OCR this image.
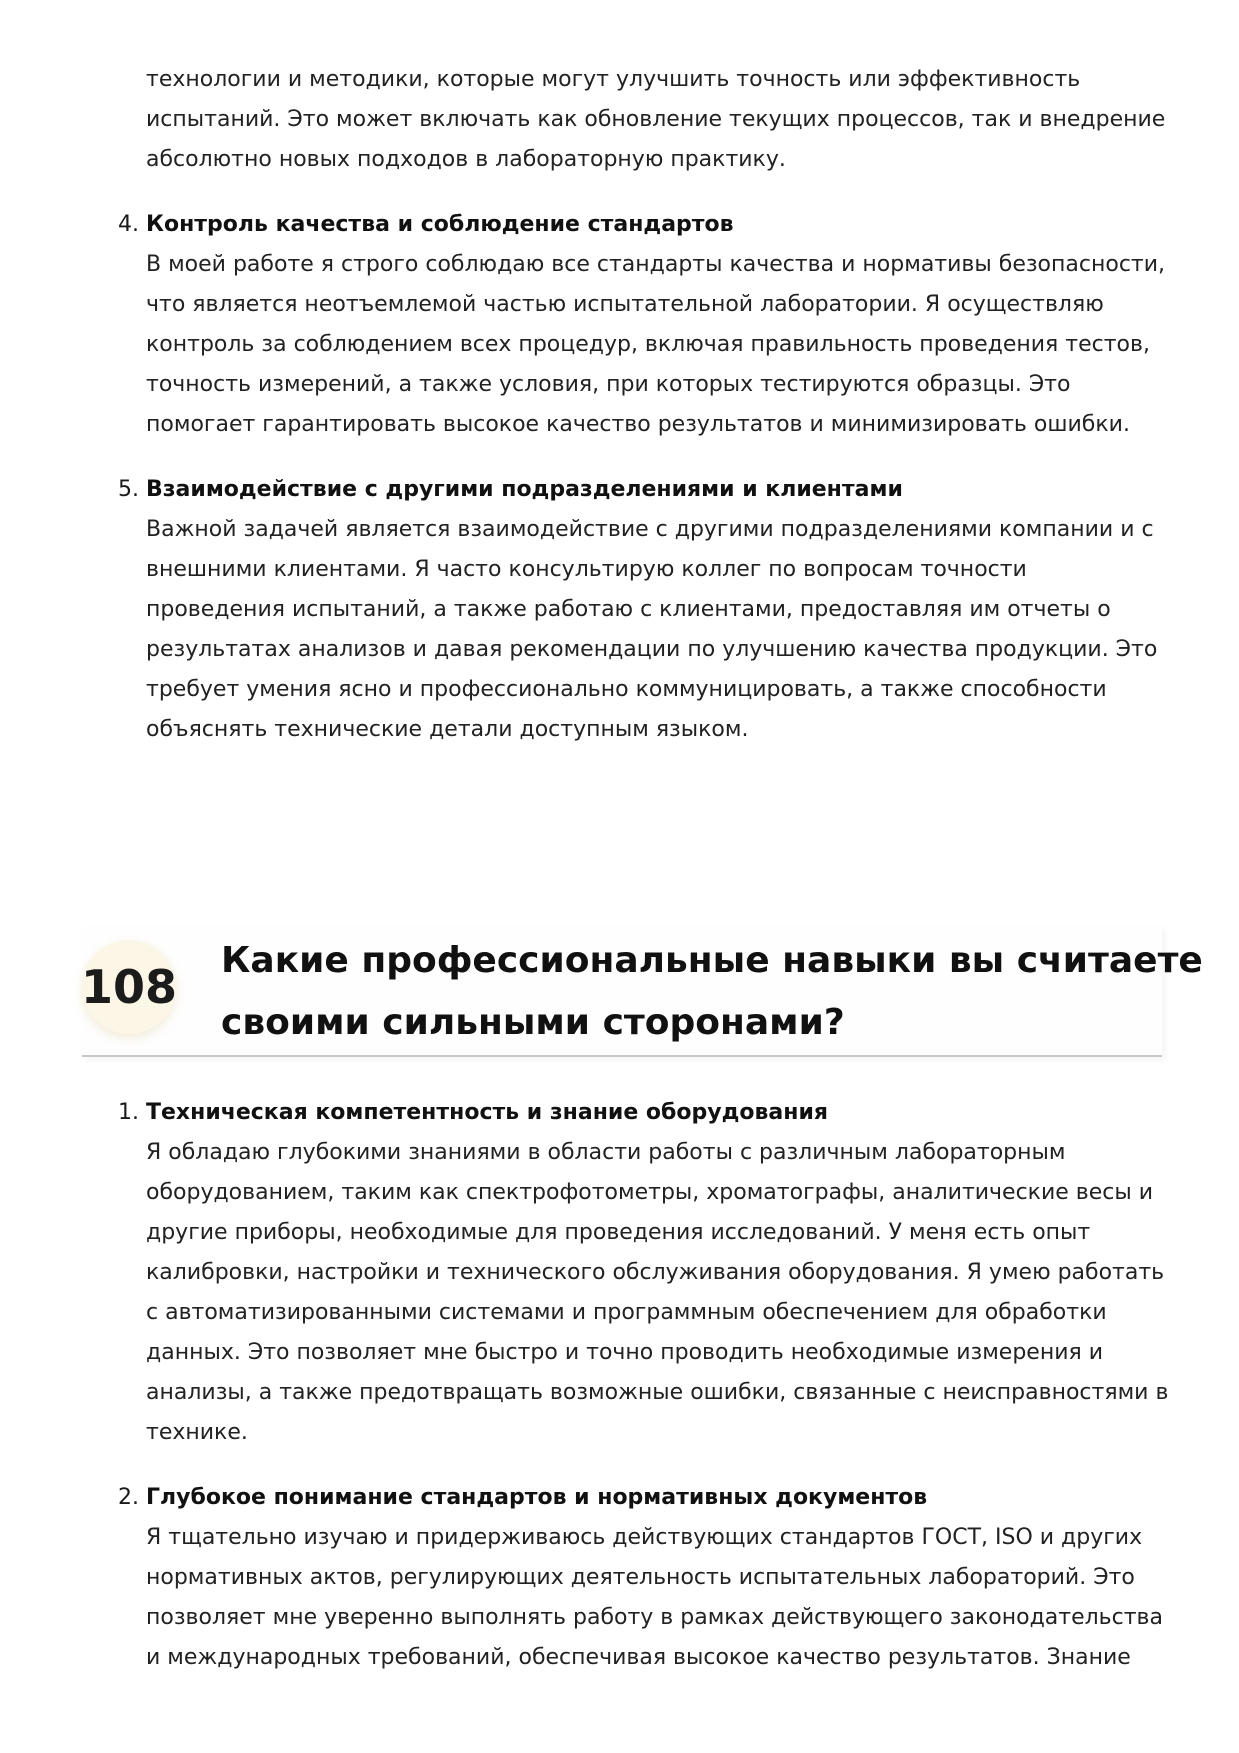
технологии и методики, которые могут улучшить точность или эффективность
испытаний. Это может включать как обновление текущих процессов, так и внедрение
абсолютно новых подходов в лабораторную практику.

4. Контроль качества и соблюдение стандартов

В моей работе я строго соблюдаю все стандарты качества и нормативы безопасности,
что является неотъемлемой частью испытательной лаборатории. Я осуществляю
контроль за соблюдением всех процедур, включая правильность проведения тестов,
точность измерений, а также условия, при которых тестируются образцы. Это
помогает гарантировать высокое качество результатов и минимизировать ошибки.

5. Взаимодействие с другими подразделениями и клиентами

Важной задачей является взаимодействие с другими подразделениями компании и с
внешними клиентами. Я часто консультирую коллег по вопросам точности
проведения испытаний, а также работаю с клиентами, предоставляя им отчеты о
результатах анализов и давая рекомендации по улучшению качества продукции. Это
требует умения ясно и профессионально коммуницировать, а также способности
объяснять технические детали доступным языком.

108 Какие профессиональные навыки вы считаете
своими сильными сторонами?
1. Техническая компетентность и знание оборудования

Я обладаю глубокими знаниями в области работы с различным лабораторным
оборудованием, таким как спектрофотометры, хроматографы, аналитические весы и
другие приборы, необходимые для проведения исследований. У меня есть опыт
калибровки, настройки и технического обслуживания оборудования. Я умею работать
с автоматизированными системами и программным обеспечением для обработки
данных. Это позволяет мне быстро и точно проводить необходимые измерения и
анализы, а также предотвращать возможные ошибки, связанные с неисправностями в
технике.

2. Глубокое понимание стандартов и нормативных документов

Я тщательно изучаю и придерживаюсь действующих стандартов ГОСТ, ISO и других
нормативных актов, регулирующих деятельность испытательных лабораторий. Это
позволяет мне уверенно выполнять работу в рамках действующего законодательства
и международных требований, обеспечивая высокое качество результатов. Знание
